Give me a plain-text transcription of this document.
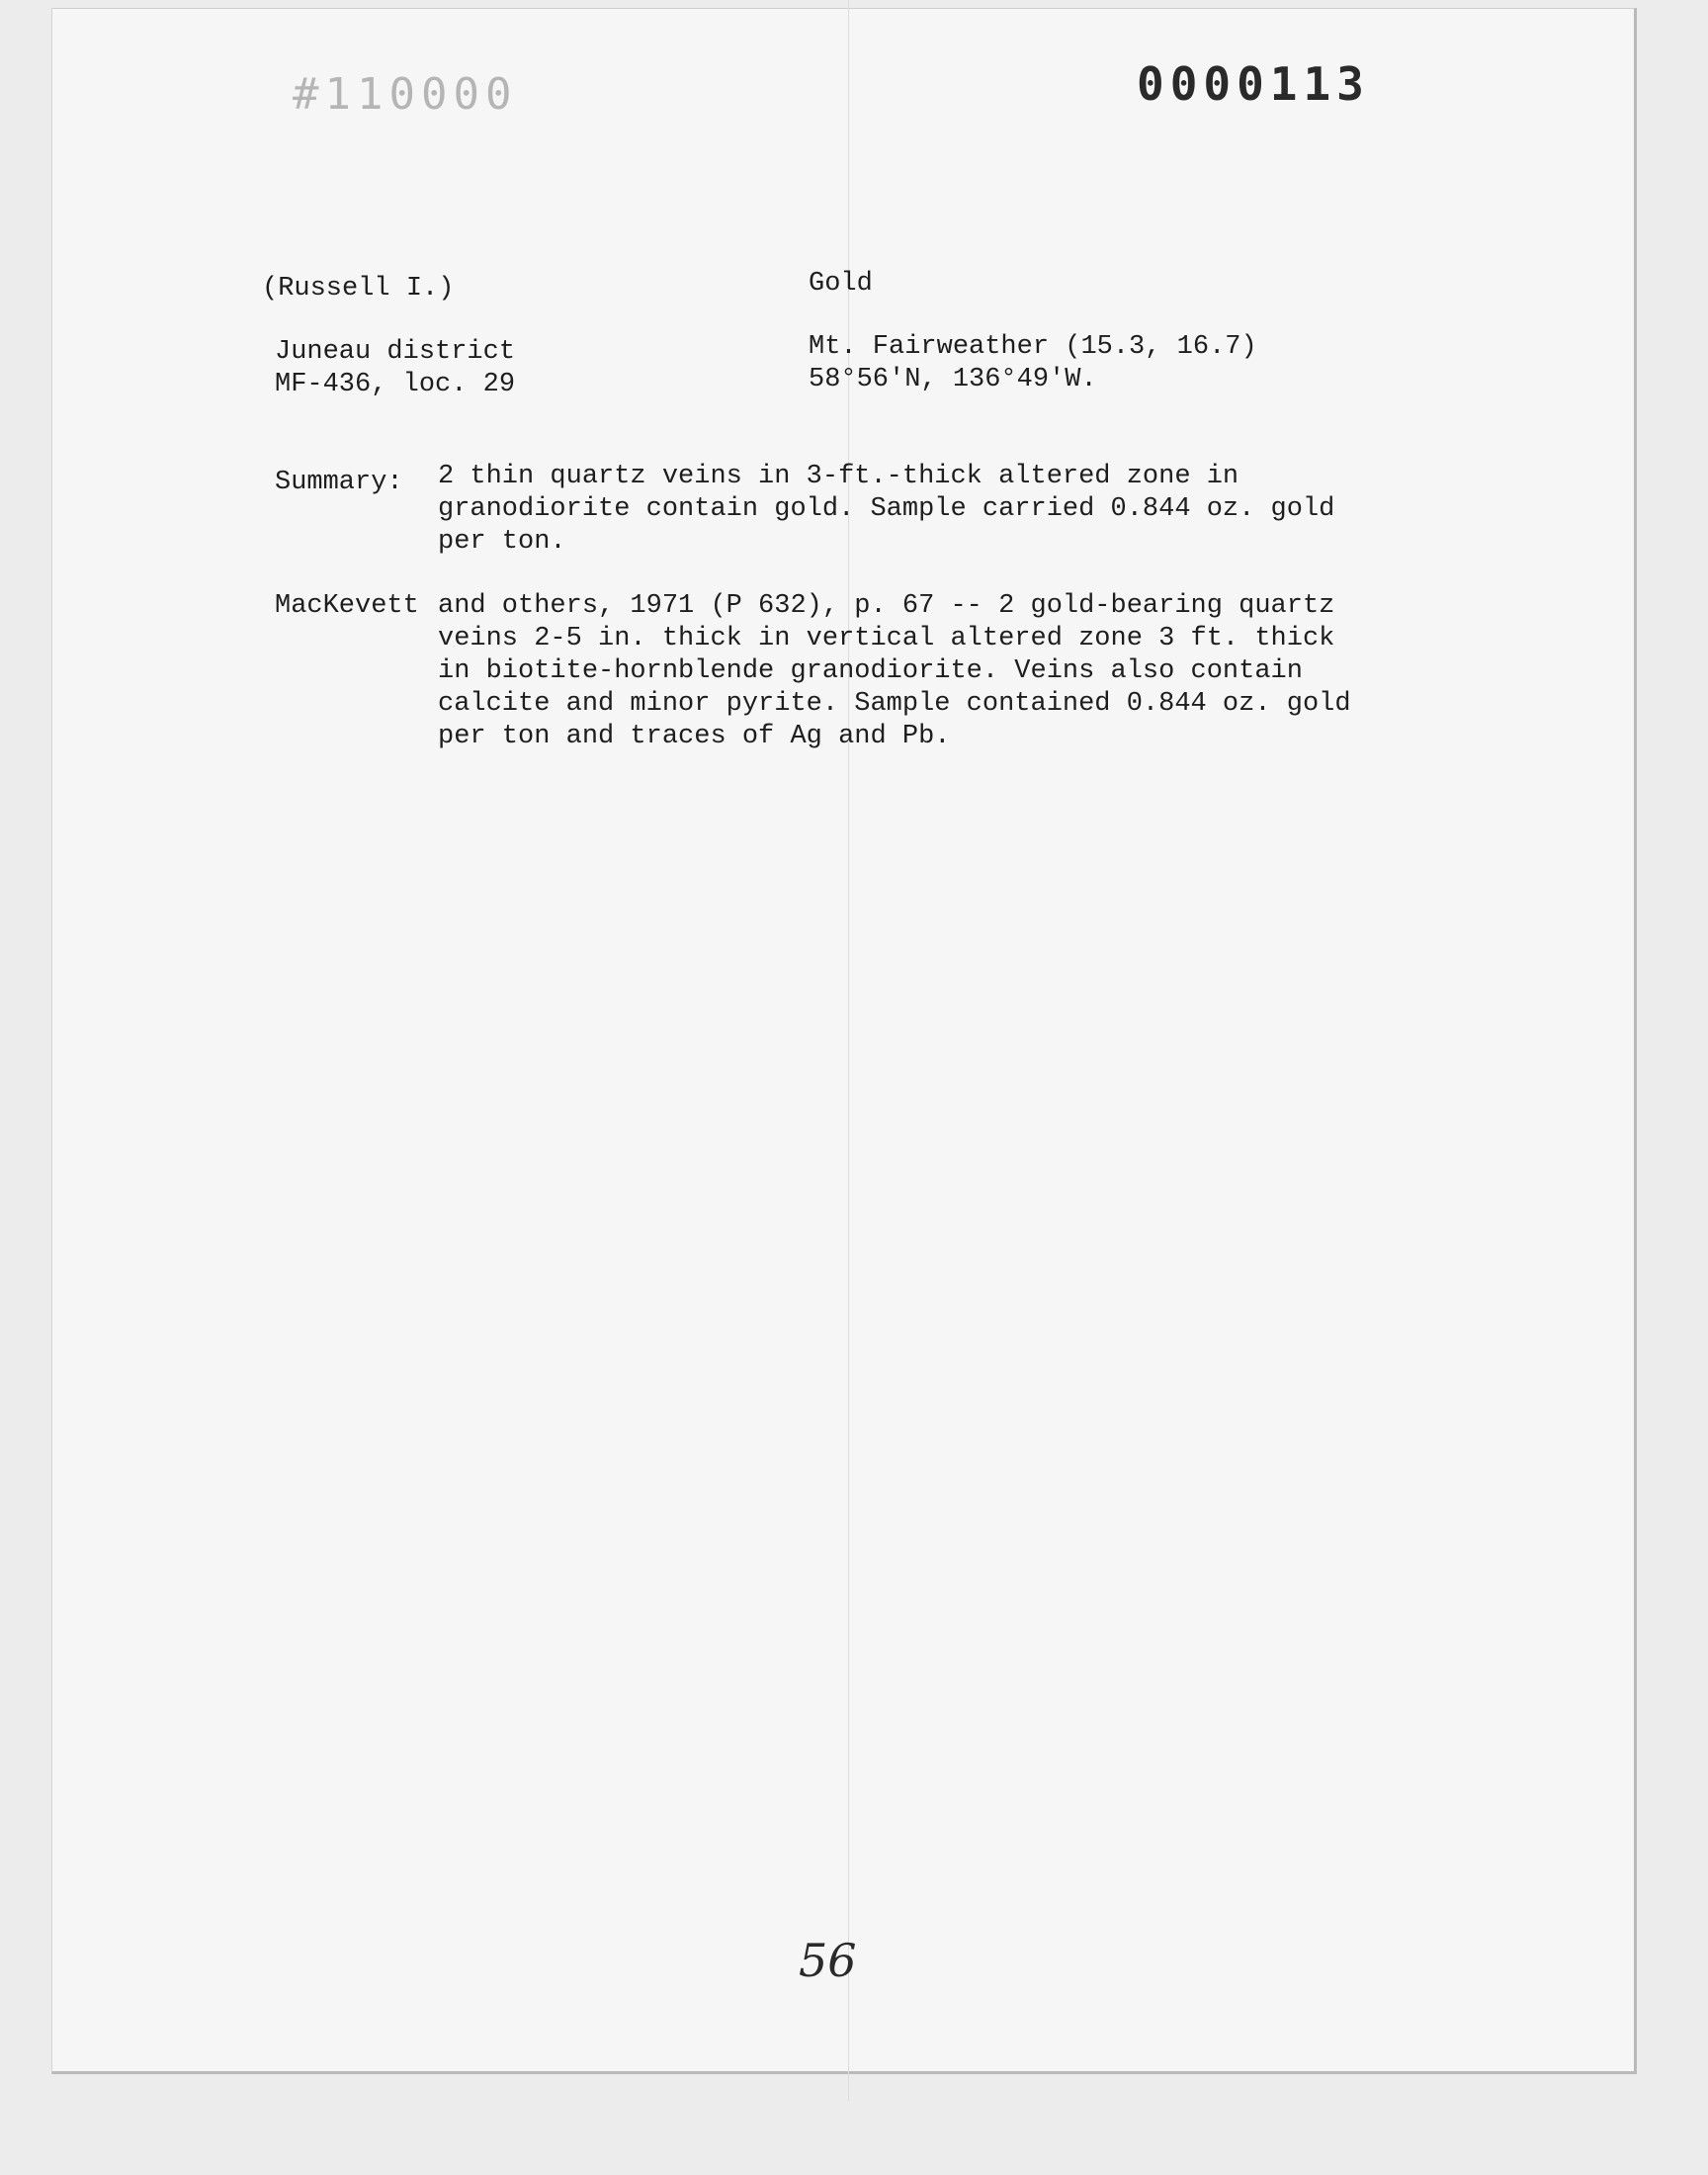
#110000	0000113
(Russell I.)	Gold
Juneau district
MF-436, loc. 29
Mt. Fairweather (15.3, 16.7)
58°56'N, 136°49'W.
Summary: 2 thin quartz veins in 3-ft.-thick altered zone in
granodiorite contain gold. Sample carried 0.844 oz. gold
per ton.
MacKevett and others, 1971 (P 632), p. 67 -- 2 gold-bearing quartz
veins 2-5 in. thick in vertical altered zone 3 ft. thick
in biotite-hornblende granodiorite. Veins also contain
calcite and minor pyrite. Sample contained 0.844 oz. gold
per ton and traces of Ag and Pb.
56
